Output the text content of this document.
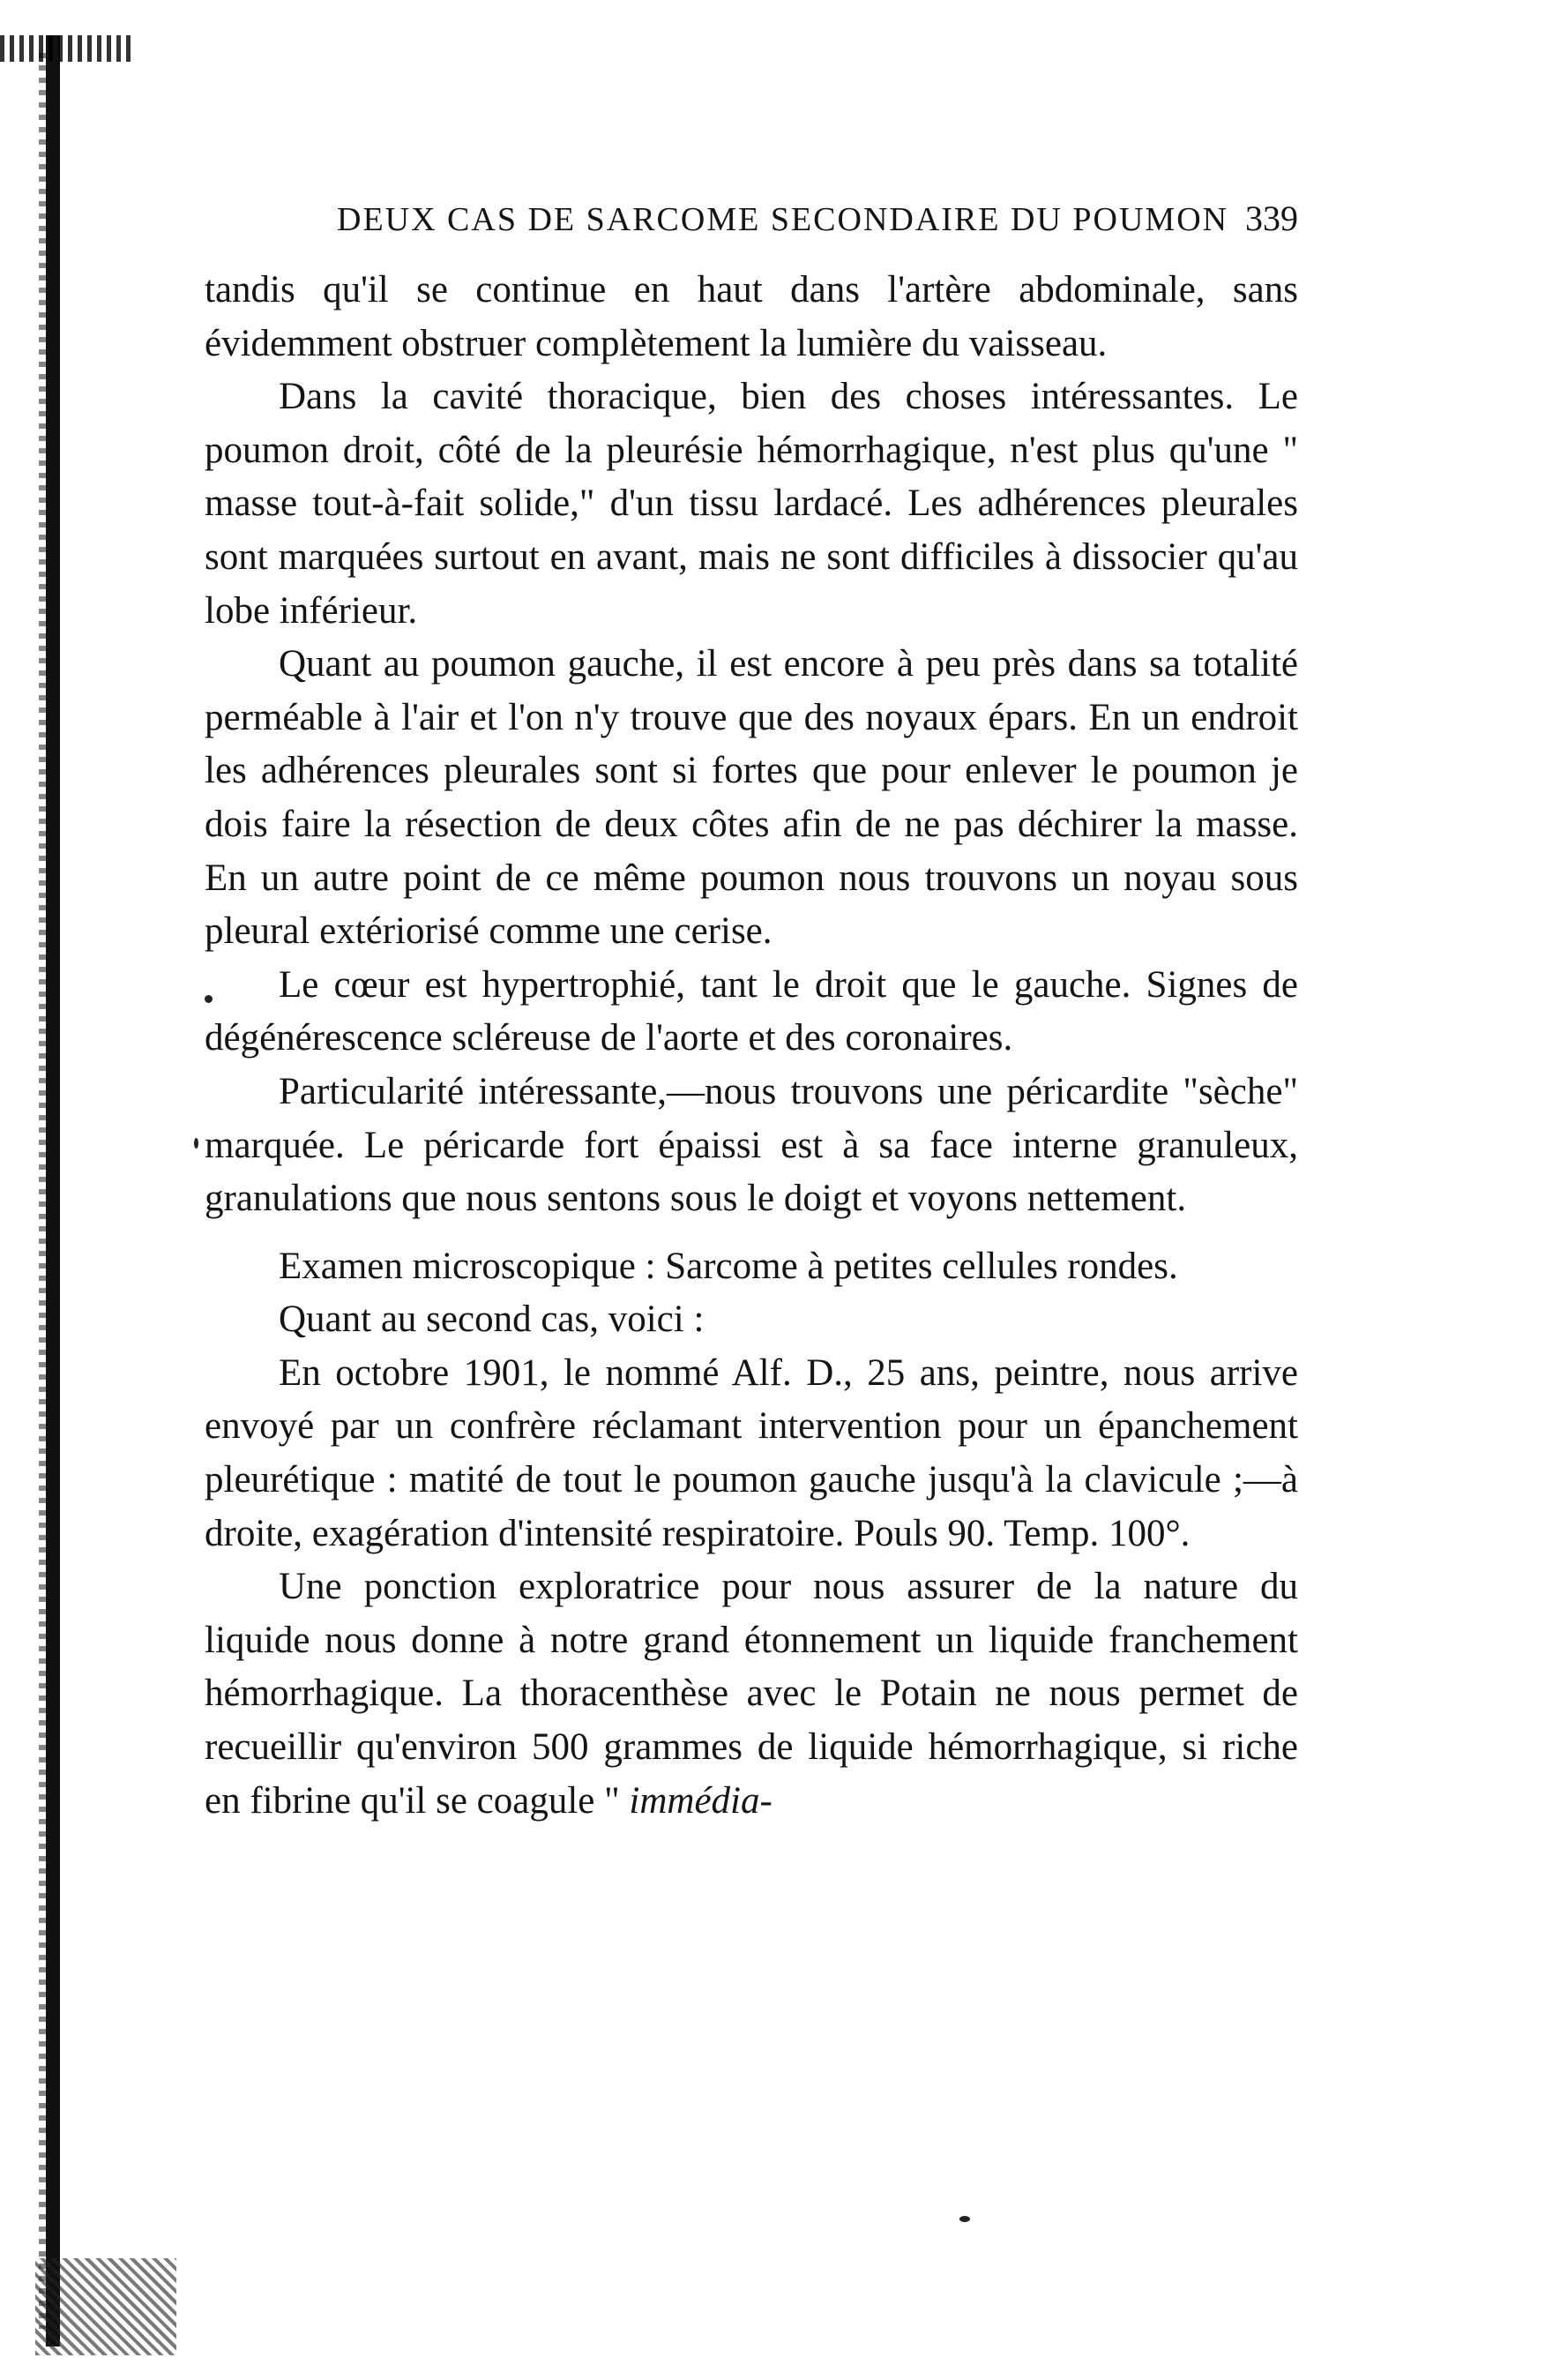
DEUX CAS DE SARCOME SECONDAIRE DU POUMON 339

tandis qu'il se continue en haut dans l'artère abdominale, sans évidemment obstruer complètement la lumière du vaisseau.

Dans la cavité thoracique, bien des choses intéressantes. Le poumon droit, côté de la pleurésie hémorrhagique, n'est plus qu'une " masse tout-à-fait solide," d'un tissu lardacé. Les adhérences pleurales sont marquées surtout en avant, mais ne sont difficiles à dissocier qu'au lobe inférieur.

Quant au poumon gauche, il est encore à peu près dans sa totalité perméable à l'air et l'on n'y trouve que des noyaux épars. En un endroit les adhérences pleurales sont si fortes que pour enlever le poumon je dois faire la résection de deux côtes afin de ne pas déchirer la masse. En un autre point de ce même poumon nous trouvons un noyau sous pleural extériorisé comme une cerise.

Le cœur est hypertrophié, tant le droit que le gauche. Signes de dégénérescence scléreuse de l'aorte et des coronaires.

Particularité intéressante,—nous trouvons une péricardite "sèche" marquée. Le péricarde fort épaissi est à sa face interne granuleux, granulations que nous sentons sous le doigt et voyons nettement.

Examen microscopique : Sarcome à petites cellules rondes.

Quant au second cas, voici :

En octobre 1901, le nommé Alf. D., 25 ans, peintre, nous arrive envoyé par un confrère réclamant intervention pour un épanchement pleurétique : matité de tout le poumon gauche jusqu'à la clavicule ;—à droite, exagération d'intensité respiratoire. Pouls 90. Temp. 100°.

Une ponction exploratrice pour nous assurer de la nature du liquide nous donne à notre grand étonnement un liquide franchement hémorrhagique. La thoracenthèse avec le Potain ne nous permet de recueillir qu'environ 500 grammes de liquide hémorrhagique, si riche en fibrine qu'il se coagule " immédia-
